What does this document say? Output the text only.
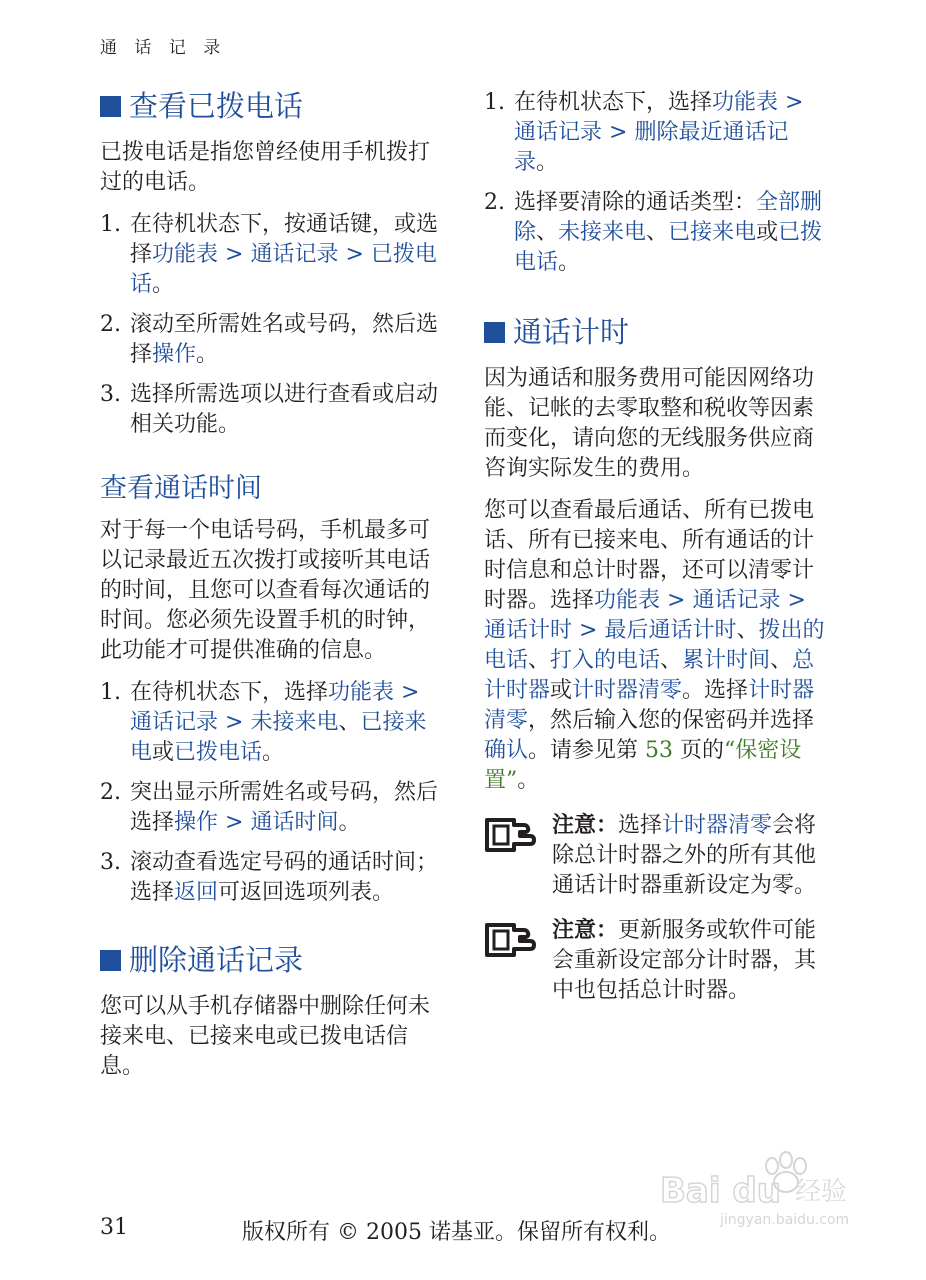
通 话 记 录
查看已拨电话

已拨电话是指您曾经使用手机拨打过的电话。

1. 在待机状态下，按通话键，或选择功能表 > 通话记录 > 已拨电话。
2. 滚动至所需姓名或号码，然后选择操作。
3. 选择所需选项以进行查看或启动相关功能。
查看通话时间

对于每一个电话号码，手机最多可以记录最近五次拨打或接听其电话的时间，且您可以查看每次通话的时间。您必须先设置手机的时钟，此功能才可提供准确的信息。

1. 在待机状态下，选择功能表 > 通话记录 > 未接来电、已接来电或已拨电话。
2. 突出显示所需姓名或号码，然后选择操作 > 通话时间。
3. 滚动查看选定号码的通话时间；选择返回可返回选项列表。
删除通话记录

您可以从手机存储器中删除任何未接来电、已接来电或已拨电话信息。

1. 在待机状态下，选择功能表 > 通话记录 > 删除最近通话记录。
2. 选择要清除的通话类型：全部删除、未接来电、已接来电或已拨电话。
通话计时

因为通话和服务费用可能因网络功能、记帐的去零取整和税收等因素而变化，请向您的无线服务供应商咨询实际发生的费用。

您可以查看最后通话、所有已拨电话、所有已接来电、所有通话的计时信息和总计时器，还可以清零计时器。选择功能表 > 通话记录 > 通话计时 > 最后通话计时、拨出的电话、打入的电话、累计时间、总计时器或计时器清零。选择计时器清零，然后输入您的保密码并选择确认。请参见第 53 页的“保密设置”。

注意：选择计时器清零会将除总计时器之外的所有其他通话计时器重新设定为零。
注意：更新服务或软件可能会重新设定部分计时器，其中也包括总计时器。
Bai du 经验
jingyan.baidu.com
31	版权所有 © 2005 诺基亚。保留所有权利。
